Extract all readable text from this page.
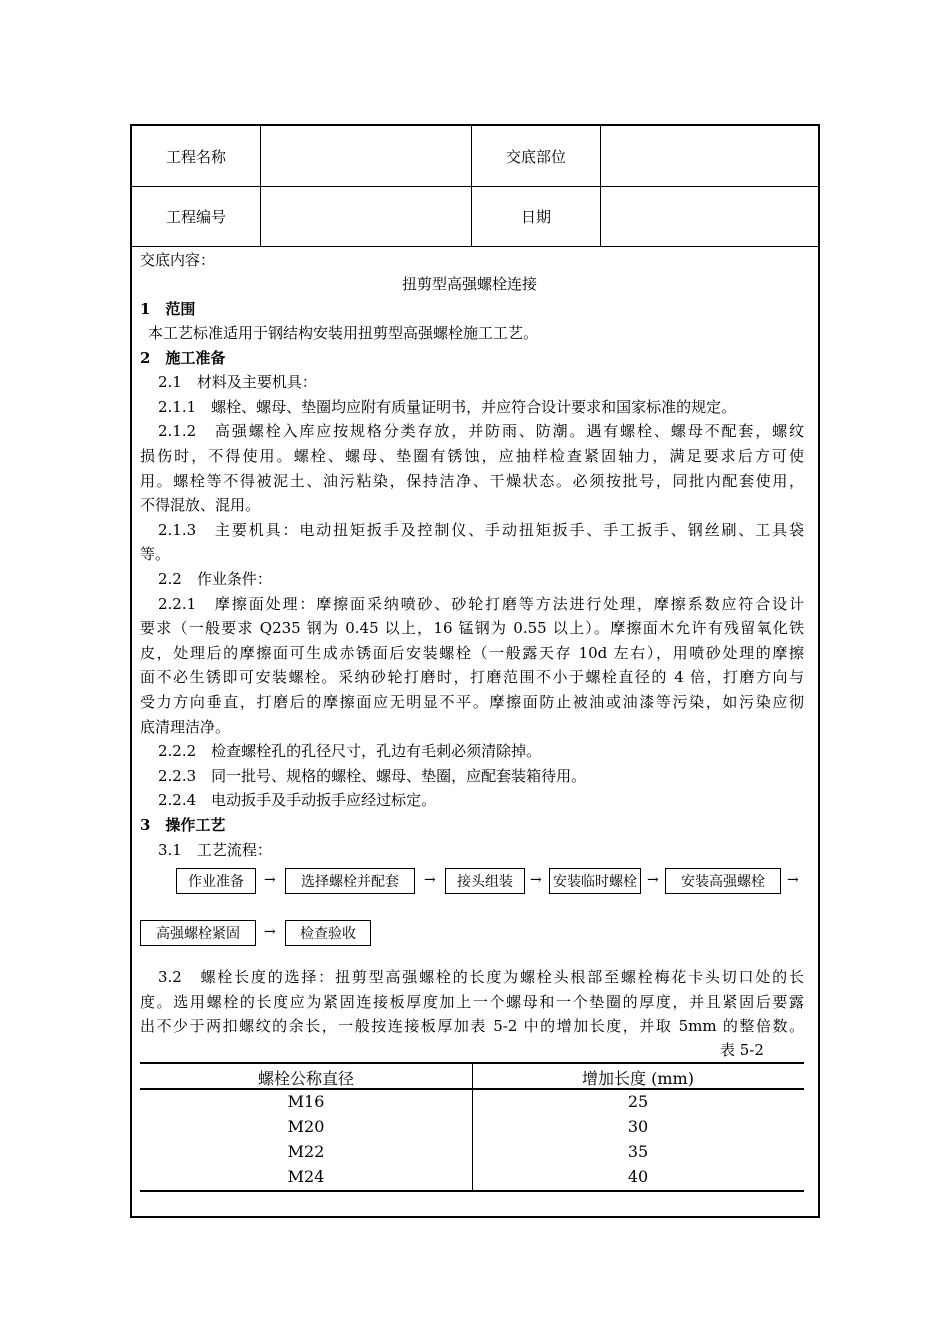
工程名称	交底部位
工程编号	日期
交底内容：
扭剪型高强螺栓连接
1　范围
本工艺标准适用于钢结构安装用扭剪型高强螺栓施工工艺。
2　施工准备
2.1　材料及主要机具：
2.1.1　螺栓、螺母、垫圈均应附有质量证明书，并应符合设计要求和国家标准的规定。
2.1.2　高强螺栓入库应按规格分类存放，并防雨、防潮。遇有螺栓、螺母不配套，螺纹
损伤时，不得使用。螺栓、螺母、垫圈有锈蚀，应抽样检查紧固轴力，满足要求后方可使
用。螺栓等不得被泥土、油污粘染，保持洁净、干燥状态。必须按批号，同批内配套使用，
不得混放、混用。
2.1.3　主要机具：电动扭矩扳手及控制仪、手动扭矩扳手、手工扳手、钢丝刷、工具袋
等。
2.2　作业条件：
2.2.1　摩擦面处理：摩擦面采纳喷砂、砂轮打磨等方法进行处理，摩擦系数应符合设计
要求（一般要求 Q235 钢为 0.45 以上，16 锰钢为 0.55 以上）。摩擦面木允许有残留氧化铁
皮，处理后的摩擦面可生成赤锈面后安装螺栓（一般露天存 10d 左右），用喷砂处理的摩擦
面不必生锈即可安装螺栓。采纳砂轮打磨时，打磨范围不小于螺栓直径的 4 倍，打磨方向与
受力方向垂直，打磨后的摩擦面应无明显不平。摩擦面防止被油或油漆等污染，如污染应彻
底清理洁净。
2.2.2　检查螺栓孔的孔径尺寸，孔边有毛刺必须清除掉。
2.2.3　同一批号、规格的螺栓、螺母、垫圈，应配套装箱待用。
2.2.4　电动扳手及手动扳手应经过标定。
3　操作工艺
3.1　工艺流程：
作业准备	→	选择螺栓并配套	→	接头组装	→ 安装临时螺栓 →	安装高强螺栓	→
高强螺栓紧固	→	检查验收
3.2　螺栓长度的选择：扭剪型高强螺栓的长度为螺栓头根部至螺栓梅花卡头切口处的长
度。选用螺栓的长度应为紧固连接板厚度加上一个螺母和一个垫圈的厚度，并且紧固后要露
出不少于两扣螺纹的余长，一般按连接板厚加表 5-2 中的增加长度，并取 5mm 的整倍数。
表 5-2
螺栓公称直径	增加长度 (mm)
M16	25
M20	30
M22	35
M24	40
